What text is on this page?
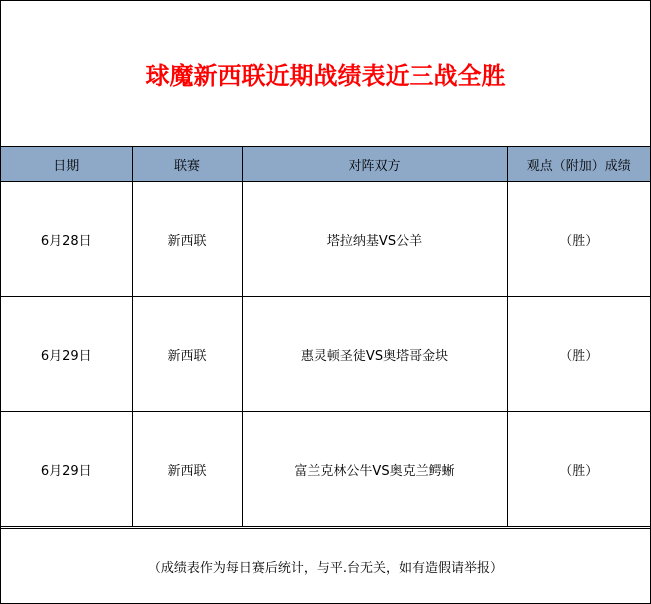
球魔新西联近期战绩表近三战全胜
日期	联赛	对阵双方	观点（附加）成绩
6月28日	新西联	塔拉纳基VS公羊	（胜）
6月29日	新西联	惠灵顿圣徒VS奥塔哥金块	（胜）
6月29日	新西联	富兰克林公牛VS奥克兰鳄蜥	（胜）
（成绩表作为每日赛后统计，与平.台无关，如有造假请举报）
